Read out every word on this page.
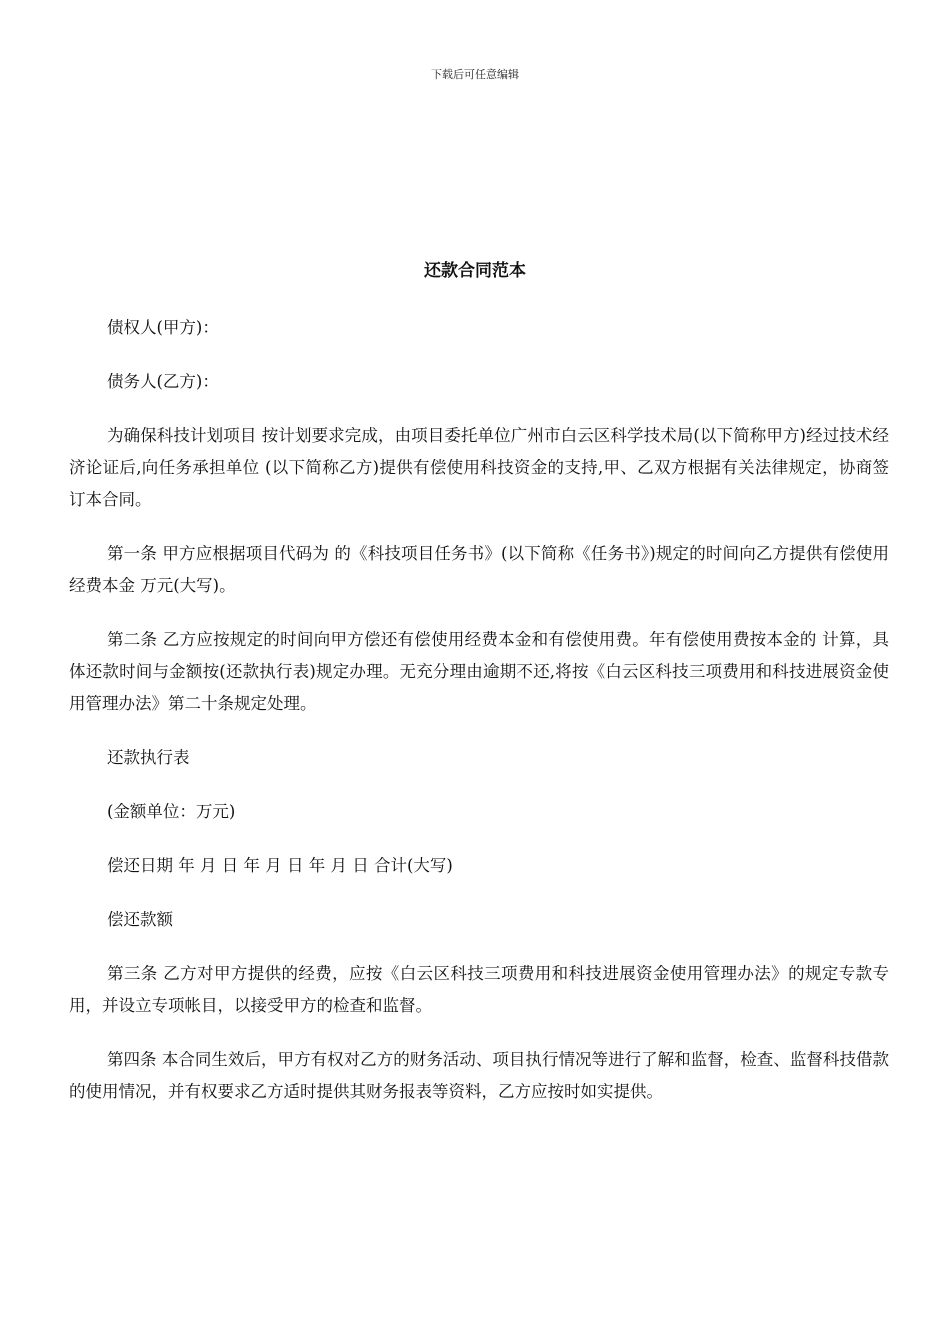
下载后可任意编辑
还款合同范本

债权人(甲方)：

债务人(乙方)：

为确保科技计划项目 按计划要求完成，由项目委托单位广州市白云区科学技术局(以下简称甲方)经过技术经济论证后,向任务承担单位 (以下简称乙方)提供有偿使用科技资金的支持,甲、乙双方根据有关法律规定，协商签订本合同。

第一条 甲方应根据项目代码为 的《科技项目任务书》(以下简称《任务书》)规定的时间向乙方提供有偿使用经费本金 万元(大写)。

第二条 乙方应按规定的时间向甲方偿还有偿使用经费本金和有偿使用费。年有偿使用费按本金的 计算，具体还款时间与金额按(还款执行表)规定办理。无充分理由逾期不还,将按《白云区科技三项费用和科技进展资金使用管理办法》第二十条规定处理。

还款执行表

(金额单位：万元)

偿还日期 年 月 日 年 月 日 年 月 日 合计(大写)

偿还款额

第三条 乙方对甲方提供的经费，应按《白云区科技三项费用和科技进展资金使用管理办法》的规定专款专用，并设立专项帐目，以接受甲方的检查和监督。

第四条 本合同生效后，甲方有权对乙方的财务活动、项目执行情况等进行了解和监督，检查、监督科技借款的使用情况，并有权要求乙方适时提供其财务报表等资料，乙方应按时如实提供。
